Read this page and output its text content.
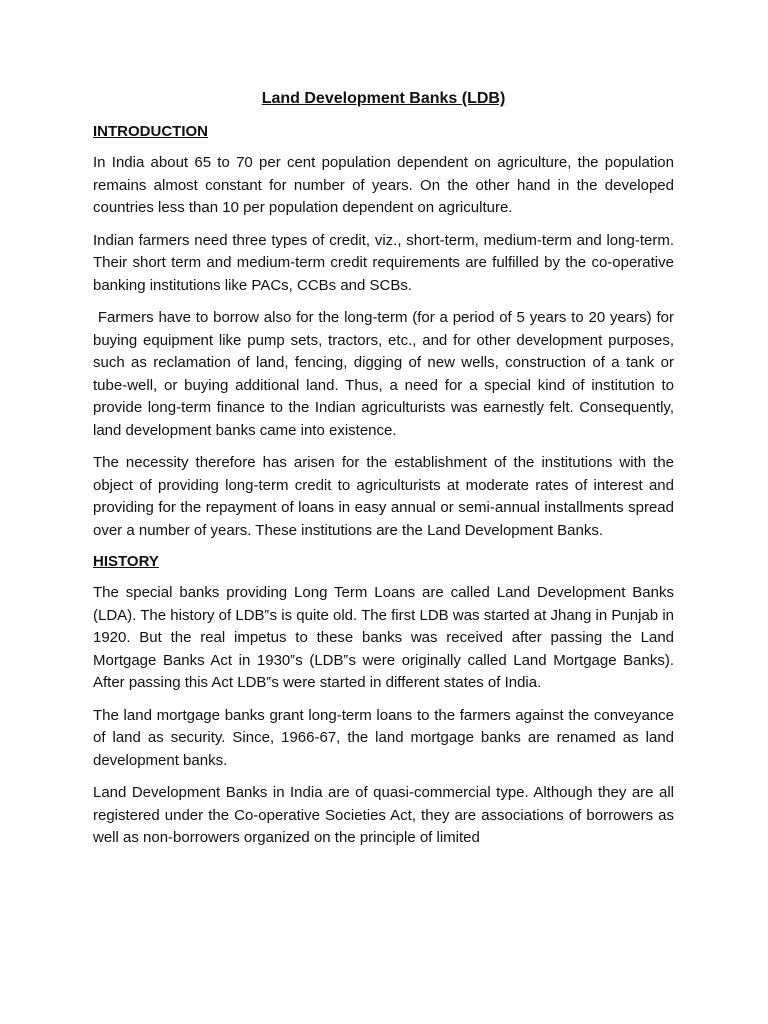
Land Development Banks (LDB)
INTRODUCTION

In India about 65 to 70 per cent population dependent on agriculture, the population remains almost constant for number of years. On the other hand in the developed countries less than 10 per population dependent on agriculture.

Indian farmers need three types of credit, viz., short-term, medium-term and long-term. Their short term and medium-term credit requirements are fulfilled by the co-operative banking institutions like PACs, CCBs and SCBs.

Farmers have to borrow also for the long-term (for a period of 5 years to 20 years) for buying equipment like pump sets, tractors, etc., and for other development purposes, such as reclamation of land, fencing, digging of new wells, construction of a tank or tube-well, or buying additional land. Thus, a need for a special kind of institution to provide long-term finance to the Indian agriculturists was earnestly felt. Consequently, land development banks came into existence.

The necessity therefore has arisen for the establishment of the institutions with the object of providing long-term credit to agriculturists at moderate rates of interest and providing for the repayment of loans in easy annual or semi-annual installments spread over a number of years. These institutions are the Land Development Banks.

HISTORY

The special banks providing Long Term Loans are called Land Development Banks (LDA). The history of LDB‟s is quite old. The first LDB was started at Jhang in Punjab in 1920. But the real impetus to these banks was received after passing the Land Mortgage Banks Act in 1930‟s (LDB‟s were originally called Land Mortgage Banks). After passing this Act LDB‟s were started in different states of India.

The land mortgage banks grant long-term loans to the farmers against the conveyance of land as security. Since, 1966-67, the land mortgage banks are renamed as land development banks.

Land Development Banks in India are of quasi-commercial type. Although they are all registered under the Co-operative Societies Act, they are associations of borrowers as well as non-borrowers organized on the principle of limited
